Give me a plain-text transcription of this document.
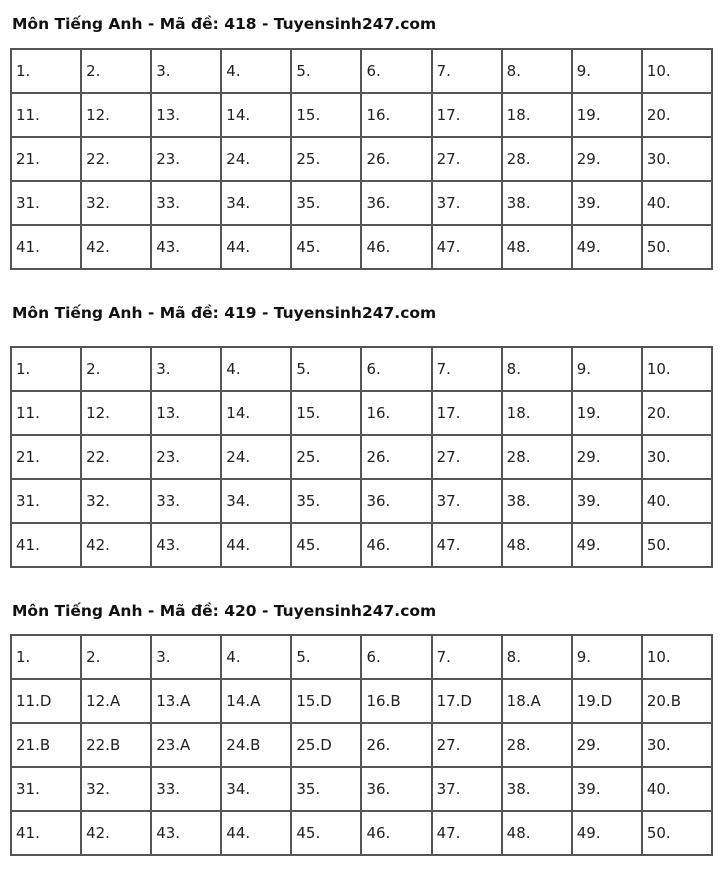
Môn Tiếng Anh - Mã đề: 418 - Tuyensinh247.com
1.	2.	3.	4.	5.	6.	7.	8.	9.	10.
11.	12.	13.	14.	15.	16.	17.	18.	19.	20.
21.	22.	23.	24.	25.	26.	27.	28.	29.	30.
31.	32.	33.	34.	35.	36.	37.	38.	39.	40.
41.	42.	43.	44.	45.	46.	47.	48.	49.	50.
Môn Tiếng Anh - Mã đề: 419 - Tuyensinh247.com
1.	2.	3.	4.	5.	6.	7.	8.	9.	10.
11.	12.	13.	14.	15.	16.	17.	18.	19.	20.
21.	22.	23.	24.	25.	26.	27.	28.	29.	30.
31.	32.	33.	34.	35.	36.	37.	38.	39.	40.
41.	42.	43.	44.	45.	46.	47.	48.	49.	50.
Môn Tiếng Anh - Mã đề: 420 - Tuyensinh247.com
1.	2.	3.	4.	5.	6.	7.	8.	9.	10.
11.D	12.A	13.A	14.A	15.D	16.B	17.D	18.A	19.D	20.B
21.B	22.B	23.A	24.B	25.D	26.	27.	28.	29.	30.
31.	32.	33.	34.	35.	36.	37.	38.	39.	40.
41.	42.	43.	44.	45.	46.	47.	48.	49.	50.
